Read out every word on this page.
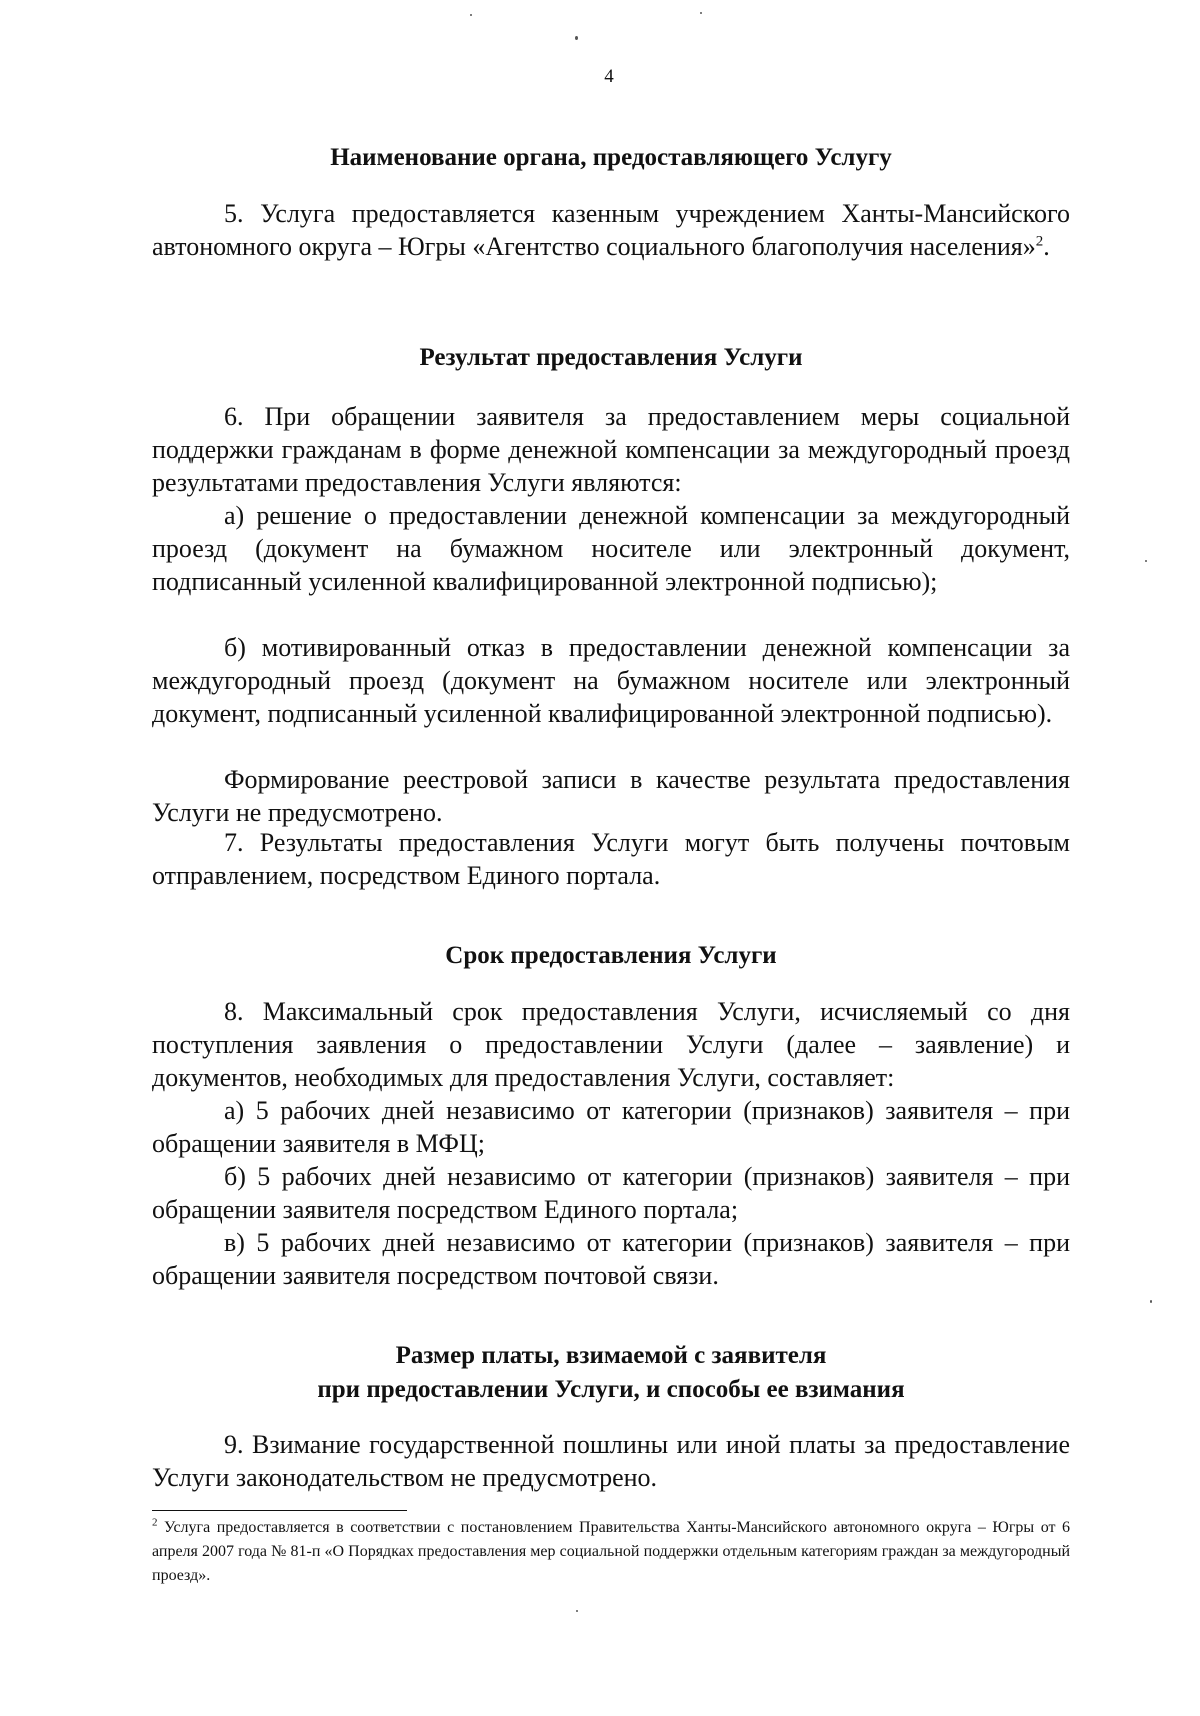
4
Наименование органа, предоставляющего Услугу

5. Услуга предоставляется казенным учреждением Ханты-Мансийского автономного округа – Югры «Агентство социального благополучия населения»$^2$.

Результат предоставления Услуги

6. При обращении заявителя за предоставлением меры социальной поддержки гражданам в форме денежной компенсации за междугородный проезд результатами предоставления Услуги являются:

а) решение о предоставлении денежной компенсации за междугородный проезд (документ на бумажном носителе или электронный документ, подписанный усиленной квалифицированной электронной подписью);

б) мотивированный отказ в предоставлении денежной компенсации за междугородный проезд (документ на бумажном носителе или электронный документ, подписанный усиленной квалифицированной электронной подписью).

Формирование реестровой записи в качестве результата предоставления Услуги не предусмотрено.

7. Результаты предоставления Услуги могут быть получены почтовым отправлением, посредством Единого портала.

Срок предоставления Услуги

8. Максимальный срок предоставления Услуги, исчисляемый со дня поступления заявления о предоставлении Услуги (далее – заявление) и документов, необходимых для предоставления Услуги, составляет:

а) 5 рабочих дней независимо от категории (признаков) заявителя – при обращении заявителя в МФЦ;

б) 5 рабочих дней независимо от категории (признаков) заявителя – при обращении заявителя посредством Единого портала;

в) 5 рабочих дней независимо от категории (признаков) заявителя – при обращении заявителя посредством почтовой связи.

Размер платы, взимаемой с заявителя
при предоставлении Услуги, и способы ее взимания

9. Взимание государственной пошлины или иной платы за предоставление Услуги законодательством не предусмотрено.

$^2$ Услуга предоставляется в соответствии с постановлением Правительства Ханты-Мансийского автономного округа – Югры от 6 апреля 2007 года № 81-п «О Порядках предоставления мер социальной поддержки отдельным категориям граждан за междугородный проезд».
